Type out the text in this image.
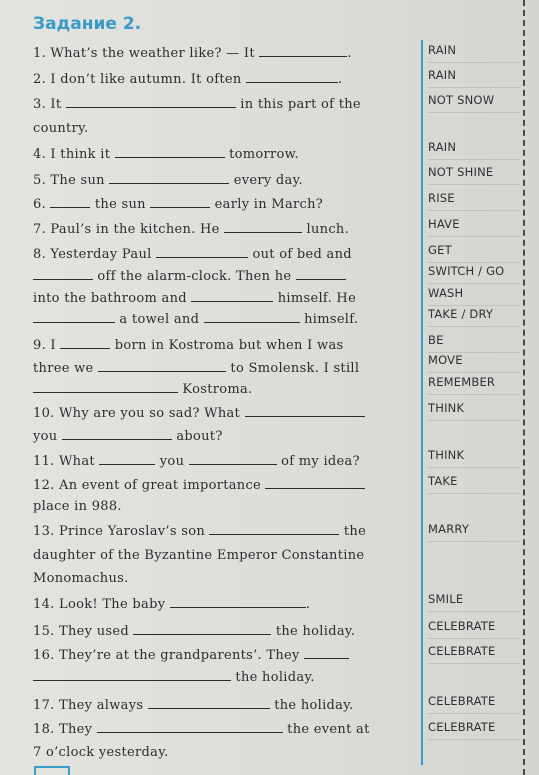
Задание 2.
1. What’s the weather like? — It	.
2. I don’t like autumn. It often	.
3. It	in this part of the
country.
4. I think it	tomorrow.
5. The sun	every day.
6.	the sun	early in March?
7. Paul’s in the kitchen. He	lunch.
8. Yesterday Paul	out of bed and
off the alarm-clock. Then he
into the bathroom and	himself. He
a towel and	himself.
9. I	born in Kostroma but when I was
three we	to Smolensk. I still
Kostroma.
10. Why are you so sad? What
you	about?
11. What	you	of my idea?
12. An event of great importance
place in 988.
13. Prince Yaroslav’s son	the
daughter of the Byzantine Emperor Constantine
Monomachus.
14. Look! The baby	.
15. They used	the holiday.
16. They’re at the grandparents’. They
the holiday.
17. They always	the holiday.
18. They	the event at
7 o’clock yesterday.
RAIN
RAIN
NOT SNOW
RAIN
NOT SHINE
RISE
HAVE
GET
SWITCH / GO
WASH
TAKE / DRY
BE
MOVE
REMEMBER
THINK
THINK
TAKE
MARRY
SMILE
CELEBRATE
CELEBRATE
CELEBRATE
CELEBRATE
